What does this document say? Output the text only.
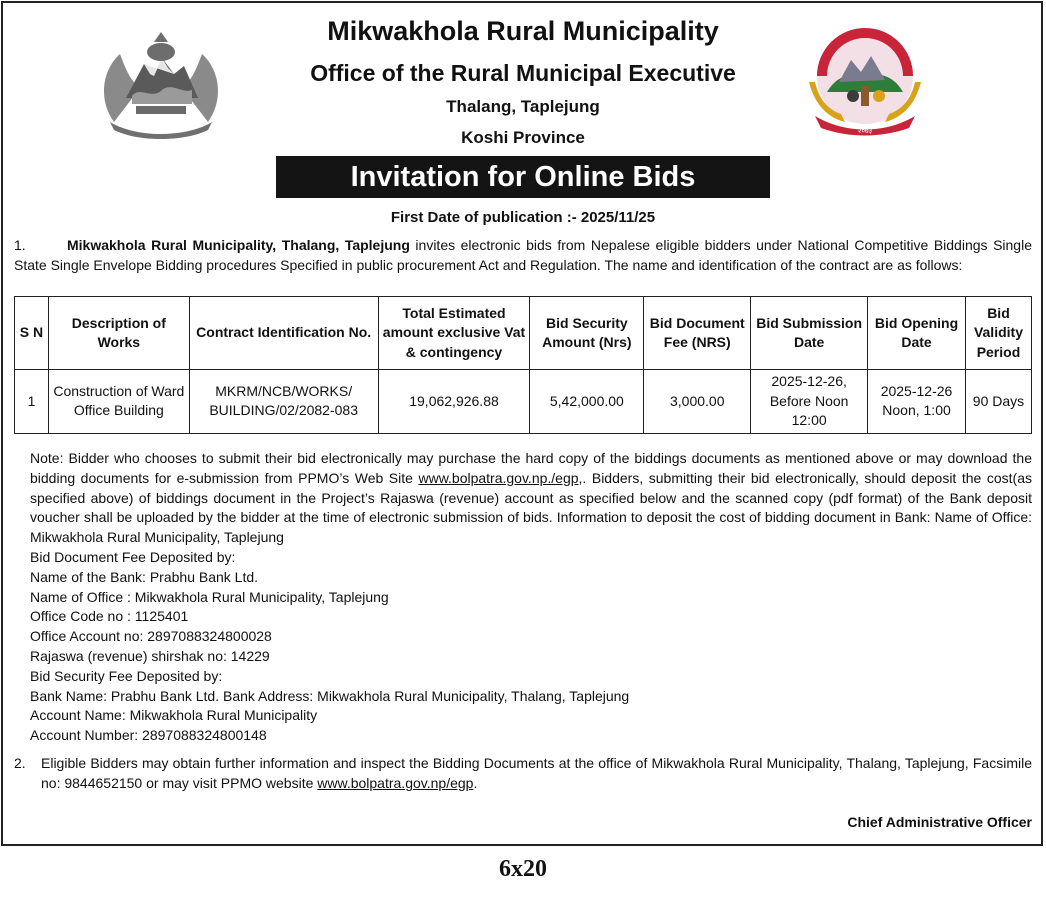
२०७३
Mikwakhola Rural Municipality
Office of the Rural Municipal Executive
Thalang, Taplejung
Koshi Province
Invitation for Online Bids
First Date of publication :- 2025/11/25
1.	Mikwakhola Rural Municipality, Thalang, Taplejung invites electronic bids from Nepalese eligible bidders under National Competitive Biddings Single State Single Envelope Bidding procedures Specified in public procurement Act and Regulation. The name and identification of the contract are as follows:
S N	Description of Works	Contract Identification No.	Total Estimated amount exclusive Vat & contingency	Bid Security Amount (Nrs)	Bid Document Fee (NRS)	Bid Submission Date	Bid Opening Date	Bid Validity Period
1	Construction of Ward Office Building	MKRM/NCB/WORKS/ BUILDING/02/2082-083	19,062,926.88	5,42,000.00	3,000.00	2025-12-26, Before Noon 12:00	2025-12-26 Noon, 1:00	90 Days
Note: Bidder who chooses to submit their bid electronically may purchase the hard copy of the biddings documents as mentioned above or may download the bidding documents for e-submission from PPMO’s Web Site www.bolpatra.gov.np./egp,. Bidders, submitting their bid electronically, should deposit the cost(as specified above) of biddings document in the Project’s Rajaswa (revenue) account as specified below and the scanned copy (pdf format) of the Bank deposit voucher shall be uploaded by the bidder at the time of electronic submission of bids. Information to deposit the cost of bidding document in Bank: Name of Office: Mikwakhola Rural Municipality, Taplejung
Bid Document Fee Deposited by:
Name of the Bank: Prabhu Bank Ltd.
Name of Office : Mikwakhola Rural Municipality, Taplejung
Office Code no : 1125401
Office Account no: 2897088324800028
Rajaswa (revenue) shirshak no: 14229
Bid Security Fee Deposited by:
Bank Name: Prabhu Bank Ltd. Bank Address: Mikwakhola Rural Municipality, Thalang, Taplejung
Account Name: Mikwakhola Rural Municipality
Account Number: 2897088324800148
2. Eligible Bidders may obtain further information and inspect the Bidding Documents at the office of Mikwakhola Rural Municipality, Thalang, Taplejung, Facsimile no: 9844652150 or may visit PPMO website www.bolpatra.gov.np/egp.
Chief Administrative Officer
6x20
